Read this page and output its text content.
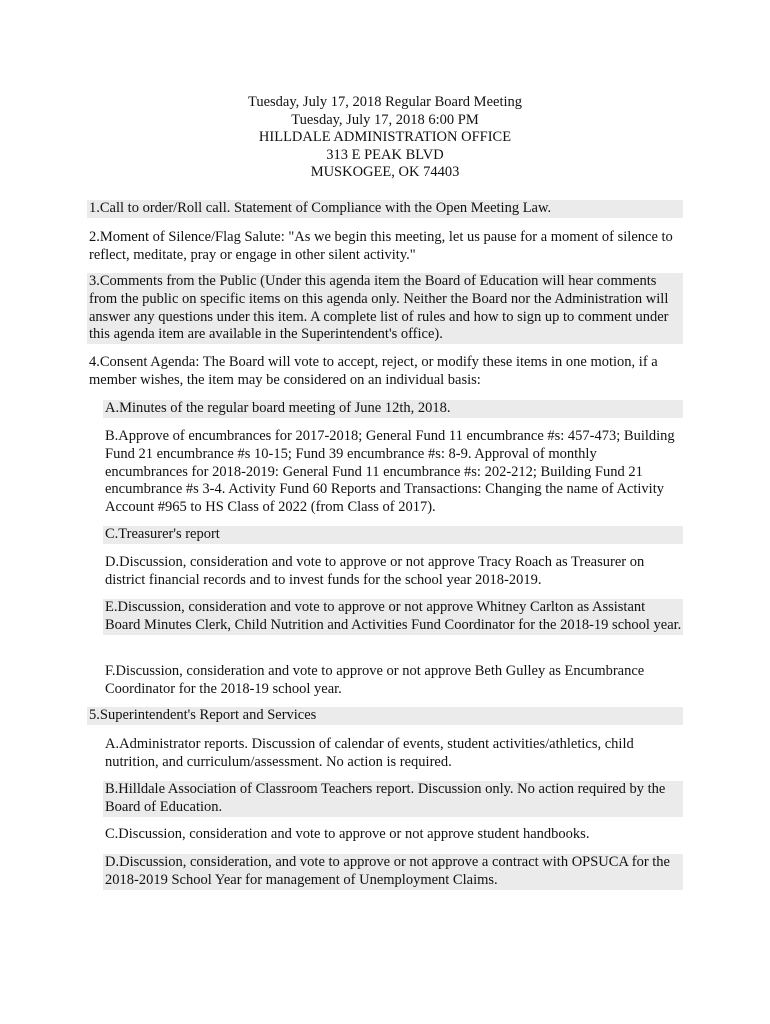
Tuesday, July 17, 2018 Regular Board Meeting
Tuesday, July 17, 2018 6:00 PM
HILLDALE ADMINISTRATION OFFICE
313 E PEAK BLVD
MUSKOGEE, OK 74403
1.Call to order/Roll call. Statement of Compliance with the Open Meeting Law.
2.Moment of Silence/Flag Salute: "As we begin this meeting, let us pause for a moment of silence to reflect, meditate, pray or engage in other silent activity."
3.Comments from the Public (Under this agenda item the Board of Education will hear comments from the public on specific items on this agenda only. Neither the Board nor the Administration will answer any questions under this item. A complete list of rules and how to sign up to comment under this agenda item are available in the Superintendent's office).
4.Consent Agenda: The Board will vote to accept, reject, or modify these items in one motion, if a member wishes, the item may be considered on an individual basis:
A.Minutes of the regular board meeting of June 12th, 2018.
B.Approve of encumbrances for 2017-2018; General Fund 11 encumbrance #s: 457-473; Building Fund 21 encumbrance #s 10-15; Fund 39 encumbrance #s: 8-9. Approval of monthly encumbrances for 2018-2019: General Fund 11 encumbrance #s: 202-212; Building Fund 21 encumbrance #s 3-4. Activity Fund 60 Reports and Transactions: Changing the name of Activity Account #965 to HS Class of 2022 (from Class of 2017).
C.Treasurer's report
D.Discussion, consideration and vote to approve or not approve Tracy Roach as Treasurer on district financial records and to invest funds for the school year 2018-2019.
E.Discussion, consideration and vote to approve or not approve Whitney Carlton as Assistant Board Minutes Clerk, Child Nutrition and Activities Fund Coordinator for the 2018-19 school year.
F.Discussion, consideration and vote to approve or not approve Beth Gulley as Encumbrance Coordinator for the 2018-19 school year.
5.Superintendent's Report and Services
A.Administrator reports. Discussion of calendar of events, student activities/athletics, child nutrition, and curriculum/assessment. No action is required.
B.Hilldale Association of Classroom Teachers report. Discussion only. No action required by the Board of Education.
C.Discussion, consideration and vote to approve or not approve student handbooks.
D.Discussion, consideration, and vote to approve or not approve a contract with OPSUCA for the 2018-2019 School Year for management of Unemployment Claims.
